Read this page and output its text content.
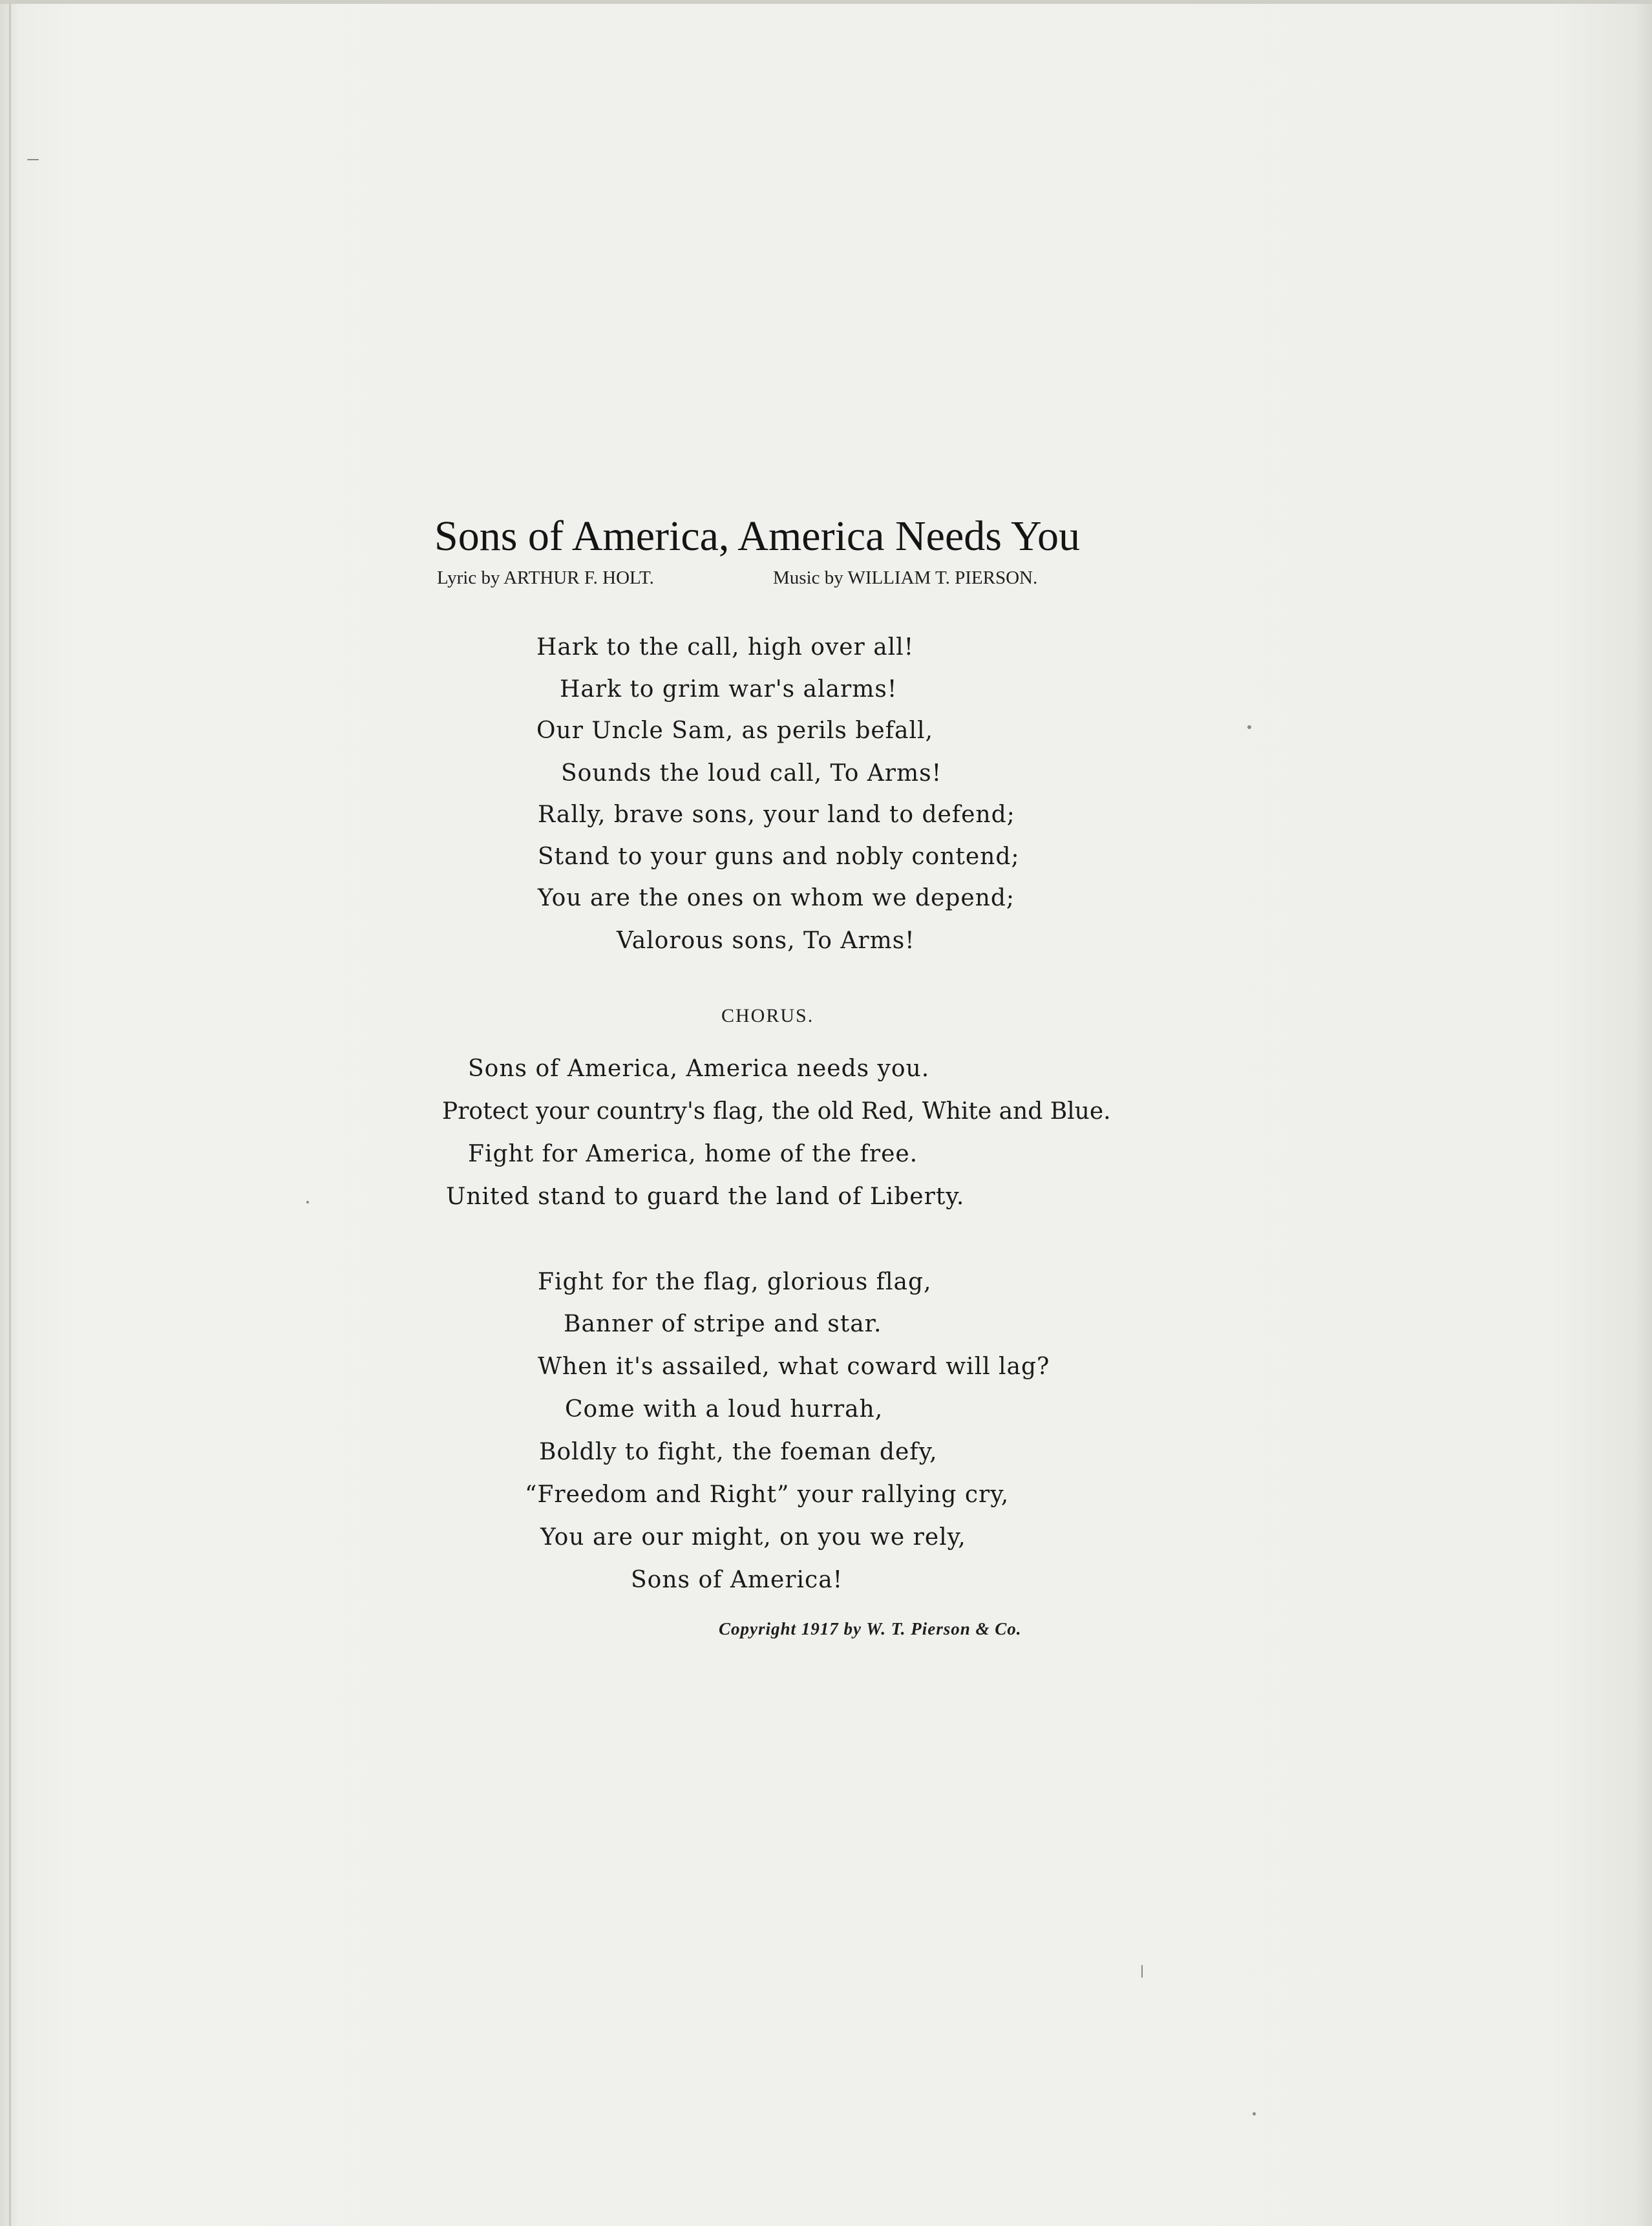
Sons of America, America Needs You
Lyric by ARTHUR F. HOLT.	Music by WILLIAM T. PIERSON.
Hark to the call, high over all!
Hark to grim war's alarms!
Our Uncle Sam, as perils befall,
Sounds the loud call, To Arms!
Rally, brave sons, your land to defend;
Stand to your guns and nobly contend;
You are the ones on whom we depend;
Valorous sons, To Arms!
CHORUS.
Sons of America, America needs you.
Protect your country's flag, the old Red, White and Blue.
Fight for America, home of the free.
United stand to guard the land of Liberty.
Fight for the flag, glorious flag,
Banner of stripe and star.
When it's assailed, what coward will lag?
Come with a loud hurrah,
Boldly to fight, the foeman defy,
“Freedom and Right” your rallying cry,
You are our might, on you we rely,
Sons of America!
Copyright 1917 by W. T. Pierson & Co.
